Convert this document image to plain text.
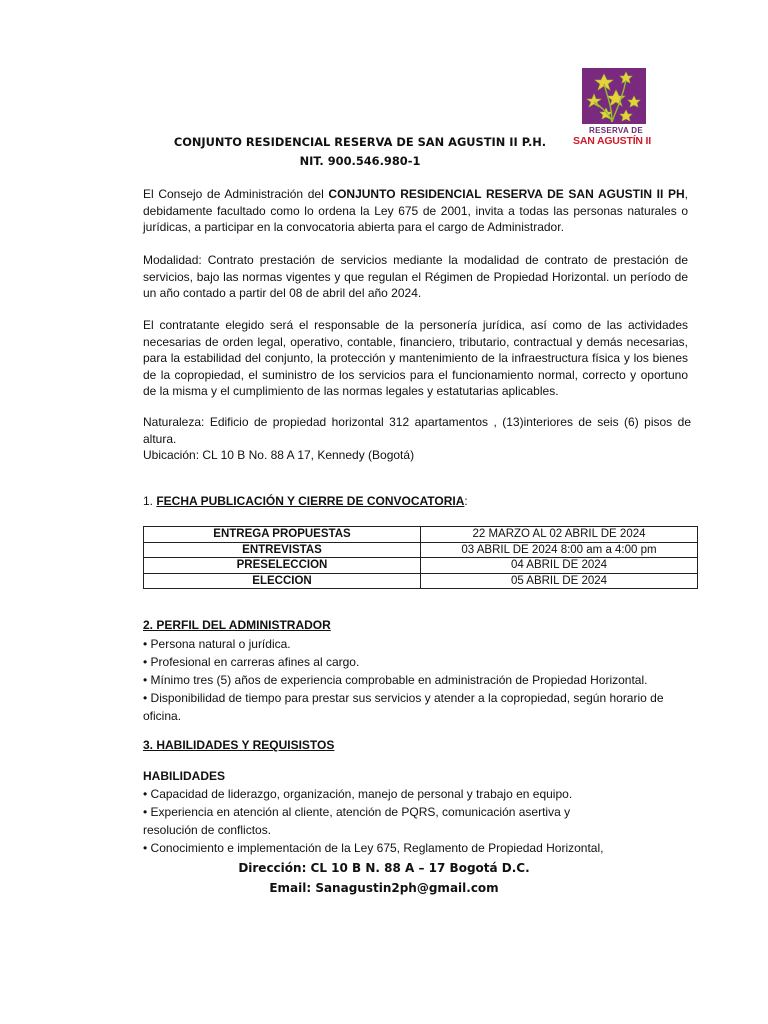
RESERVA DE
SAN AGUSTÍN II
CONJUNTO RESIDENCIAL RESERVA DE SAN AGUSTIN II P.H.
NIT. 900.546.980-1

El Consejo de Administración del CONJUNTO RESIDENCIAL RESERVA DE SAN AGUSTIN II PH, debidamente facultado como lo ordena la Ley 675 de 2001, invita a todas las personas naturales o jurídicas, a participar en la convocatoria abierta para el cargo de Administrador.

Modalidad: Contrato prestación de servicios mediante la modalidad de contrato de prestación de servicios, bajo las normas vigentes y que regulan el Régimen de Propiedad Horizontal. un período de un año contado a partir del 08 de abril del año 2024.

El contratante elegido será el responsable de la personería jurídica, así como de las actividades necesarias de orden legal, operativo, contable, financiero, tributario, contractual y demás necesarias, para la estabilidad del conjunto, la protección y mantenimiento de la infraestructura física y los bienes de la copropiedad, el suministro de los servicios para el funcionamiento normal, correcto y oportuno de la misma y el cumplimiento de las normas legales y estatutarias aplicables.

Naturaleza: Edificio de propiedad horizontal 312 apartamentos , (13)interiores de seis (6) pisos de altura.

Ubicación: CL 10 B No. 88 A 17, Kennedy (Bogotá)

1. FECHA PUBLICACIÓN Y CIERRE DE CONVOCATORIA:
ENTREGA PROPUESTAS	22 MARZO AL 02 ABRIL DE 2024
ENTREVISTAS	03 ABRIL DE 2024 8:00 am a 4:00 pm
PRESELECCION	04 ABRIL DE 2024
ELECCION	05 ABRIL DE 2024
2. PERFIL DEL ADMINISTRADOR
• Persona natural o jurídica.
• Profesional en carreras afines al cargo.
• Mínimo tres (5) años de experiencia comprobable en administración de Propiedad Horizontal.
• Disponibilidad de tiempo para prestar sus servicios y atender a la copropiedad, según horario de oficina.
3. HABILIDADES Y REQUISISTOS
HABILIDADES
• Capacidad de liderazgo, organización, manejo de personal y trabajo en equipo.
• Experiencia en atención al cliente, atención de PQRS, comunicación asertiva y resolución de conflictos.
• Conocimiento e implementación de la Ley 675, Reglamento de Propiedad Horizontal,
Dirección: CL 10 B N. 88 A – 17 Bogotá D.C.
Email: Sanagustin2ph@gmail.com
